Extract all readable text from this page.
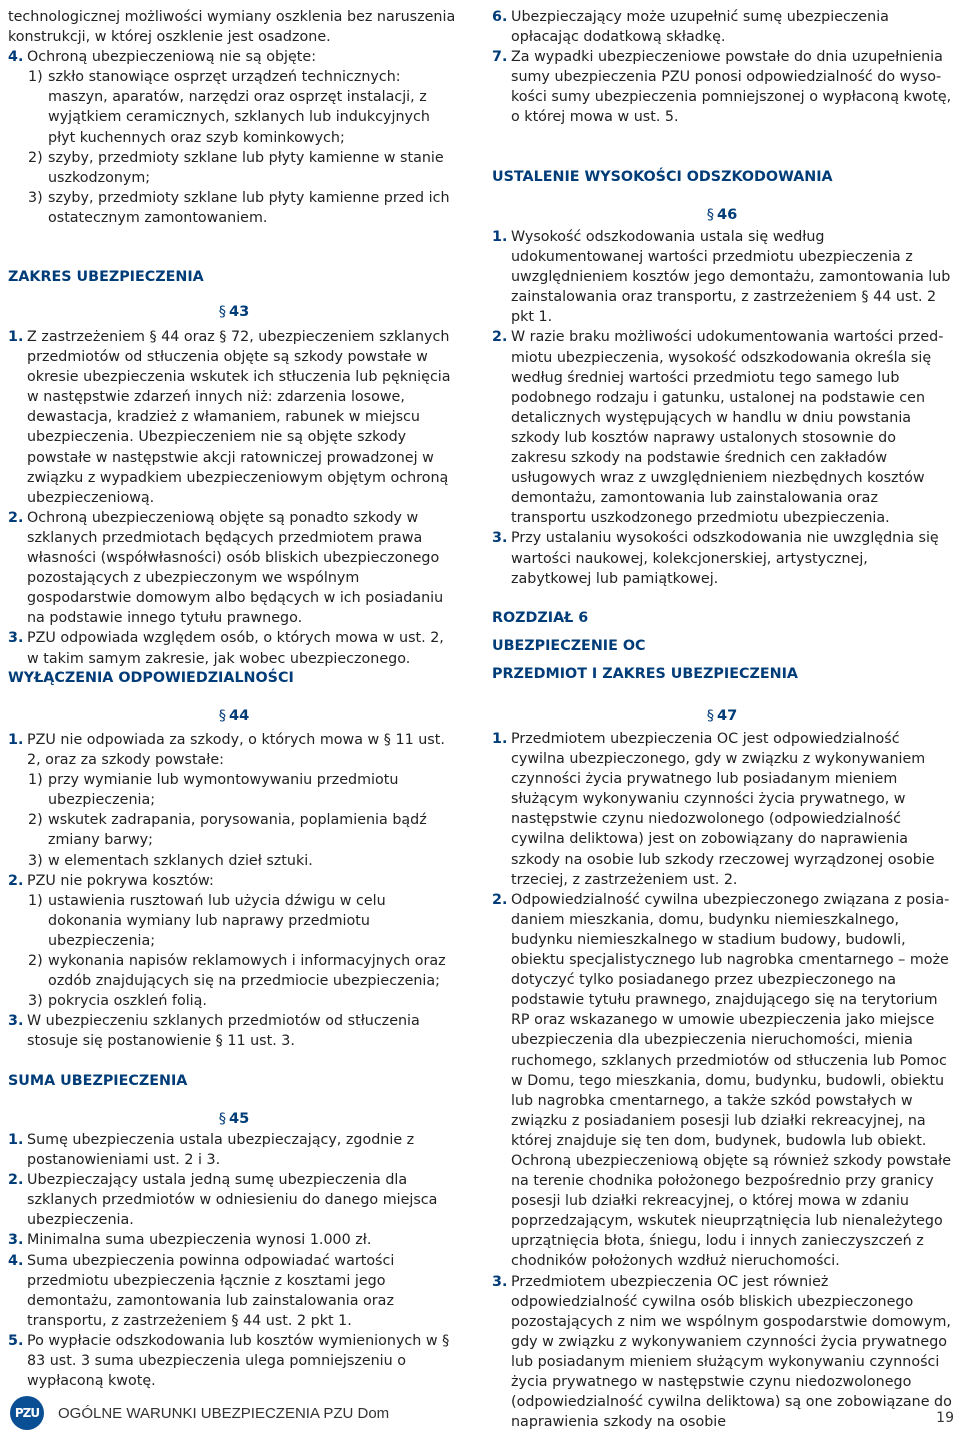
technologicznej możliwości wymiany oszklenia bez naruszenia
konstrukcji, w której oszklenie jest osadzone.
4. Ochroną ubezpieczeniową nie są objęte:
1) szkło stanowiące osprzęt urządzeń technicznych: maszyn, aparatów, narzędzi oraz osprzęt instalacji, z wyjątkiem ceramicznych, szklanych lub indukcyjnych płyt kuchennych oraz szyb kominkowych;
2) szyby, przedmioty szklane lub płyty kamienne w stanie uszkodzonym;
3) szyby, przedmioty szklane lub płyty kamienne przed ich ostatecznym zamontowaniem.
ZAKRES UBEZPIECZENIA
§ 43
1. Z zastrzeżeniem § 44 oraz § 72, ubezpieczeniem szklanych przedmiotów od stłuczenia objęte są szkody powstałe w okresie ubezpieczenia wskutek ich stłuczenia lub pęknięcia w następstwie zdarzeń innych niż: zdarzenia losowe, dewastacja, kradzież z włamaniem, rabunek w miejscu ubezpieczenia. Ubezpieczeniem nie są objęte szkody powstałe w następstwie akcji ratowniczej prowadzonej w związku z wypadkiem ubezpieczeniowym objętym ochroną ubezpieczeniową.
2. Ochroną ubezpieczeniową objęte są ponadto szkody w szklanych przedmiotach będących przedmiotem prawa własności (współwłasności) osób bliskich ubezpieczonego pozostających z ubezpieczonym we wspólnym gospodarstwie domowym albo będących w ich posiadaniu na podstawie innego tytułu prawnego.
3. PZU odpowiada względem osób, o których mowa w ust. 2, w takim samym zakresie, jak wobec ubezpieczonego.
WYŁĄCZENIA ODPOWIEDZIALNOŚCI
§ 44
1. PZU nie odpowiada za szkody, o których mowa w § 11 ust. 2, oraz za szkody powstałe:
1) przy wymianie lub wymontowywaniu przedmiotu ubezpieczenia;
2) wskutek zadrapania, porysowania, poplamienia bądź zmiany barwy;
3) w elementach szklanych dzieł sztuki.
2. PZU nie pokrywa kosztów:
1) ustawienia rusztowań lub użycia dźwigu w celu dokonania wymiany lub naprawy przedmiotu ubezpieczenia;
2) wykonania napisów reklamowych i informacyjnych oraz ozdób znajdujących się na przedmiocie ubezpieczenia;
3) pokrycia oszkleń folią.
3. W ubezpieczeniu szklanych przedmiotów od stłuczenia stosuje się postanowienie § 11 ust. 3.
SUMA UBEZPIECZENIA
§ 45
1. Sumę ubezpieczenia ustala ubezpieczający, zgodnie z postanowieniami ust. 2 i 3.
2. Ubezpieczający ustala jedną sumę ubezpieczenia dla szklanych przedmiotów w odniesieniu do danego miejsca ubezpieczenia.
3. Minimalna suma ubezpieczenia wynosi 1.000 zł.
4. Suma ubezpieczenia powinna odpowiadać wartości przedmiotu ubezpieczenia łącznie z kosztami jego demontażu, zamontowania lub zainstalowania oraz transportu, z zastrzeżeniem § 44 ust. 2 pkt 1.
5. Po wypłacie odszkodowania lub kosztów wymienionych w § 83 ust. 3 suma ubezpieczenia ulega pomniejszeniu o wypłaconą kwotę.
6. Ubezpieczający może uzupełnić sumę ubezpieczenia opłacając dodatkową składkę.
7. Za wypadki ubezpieczeniowe powstałe do dnia uzupełnienia sumy ubezpieczenia PZU ponosi odpowiedzialność do wysokości sumy ubezpieczenia pomniejszonej o wypłaconą kwotę, o której mowa w ust. 5.
USTALENIE WYSOKOŚCI ODSZKODOWANIA
§ 46
1. Wysokość odszkodowania ustala się według udokumentowanej wartości przedmiotu ubezpieczenia z uwzględnieniem kosztów jego demontażu, zamontowania lub zainstalowania oraz transportu, z zastrzeżeniem § 44 ust. 2 pkt 1.
2. W razie braku możliwości udokumentowania wartości przedmiotu ubezpieczenia, wysokość odszkodowania określa się według średniej wartości przedmiotu tego samego lub podobnego rodzaju i gatunku, ustalonej na podstawie cen detalicznych występujących w handlu w dniu powstania szkody lub kosztów naprawy ustalonych stosownie do zakresu szkody na podstawie średnich cen zakładów usługowych wraz z uwzględnieniem niezbędnych kosztów demontażu, zamontowania lub zainstalowania oraz transportu uszkodzonego przedmiotu ubezpieczenia.
3. Przy ustalaniu wysokości odszkodowania nie uwzględnia się wartości naukowej, kolekcjonerskiej, artystycznej, zabytkowej lub pamiątkowej.
ROZDZIAŁ 6
UBEZPIECZENIE OC
PRZEDMIOT I ZAKRES UBEZPIECZENIA
§ 47
1. Przedmiotem ubezpieczenia OC jest odpowiedzialność cywilna ubezpieczonego, gdy w związku z wykonywaniem czynności życia prywatnego lub posiadanym mieniem służącym wykonywaniu czynności życia prywatnego, w następstwie czynu niedozwolonego (odpowiedzialność cywilna deliktowa) jest on zobowiązany do naprawienia szkody na osobie lub szkody rzeczowej wyrządzonej osobie trzeciej, z zastrzeżeniem ust. 2.
2. Odpowiedzialność cywilna ubezpieczonego związana z posiadaniem mieszkania, domu, budynku niemieszkalnego, budynku niemieszkalnego w stadium budowy, budowli, obiektu specjalistycznego lub nagrobka cmentarnego – może dotyczyć tylko posiadanego przez ubezpieczonego na podstawie tytułu prawnego, znajdującego się na terytorium RP oraz wskazanego w umowie ubezpieczenia jako miejsce ubezpieczenia dla ubezpieczenia nieruchomości, mienia ruchomego, szklanych przedmiotów od stłuczenia lub Pomoc w Domu, tego mieszkania, domu, budynku, budowli, obiektu lub nagrobka cmentarnego, a także szkód powstałych w związku z posiadaniem posesji lub działki rekreacyjnej, na której znajduje się ten dom, budynek, budowla lub obiekt. Ochroną ubezpieczeniową objęte są również szkody powstałe na terenie chodnika położonego bezpośrednio przy granicy posesji lub działki rekreacyjnej, o której mowa w zdaniu poprzedzającym, wskutek nieuprzątnięcia lub nienależytego uprzątnięcia błota, śniegu, lodu i innych zanieczyszczeń z chodników położonych wzdłuż nieruchomości.
3. Przedmiotem ubezpieczenia OC jest również odpowiedzialność cywilna osób bliskich ubezpieczonego pozostających z nim we wspólnym gospodarstwie domowym, gdy w związku z wykonywaniem czynności życia prywatnego lub posiadanym mieniem służącym wykonywaniu czynności życia prywatnego w następstwie czynu niedozwolonego (odpowiedzialność cywilna deliktowa) są one zobowiązane do naprawienia szkody na osobie
PZU	OGÓLNE WARUNKI UBEZPIECZENIA PZU Dom	19
